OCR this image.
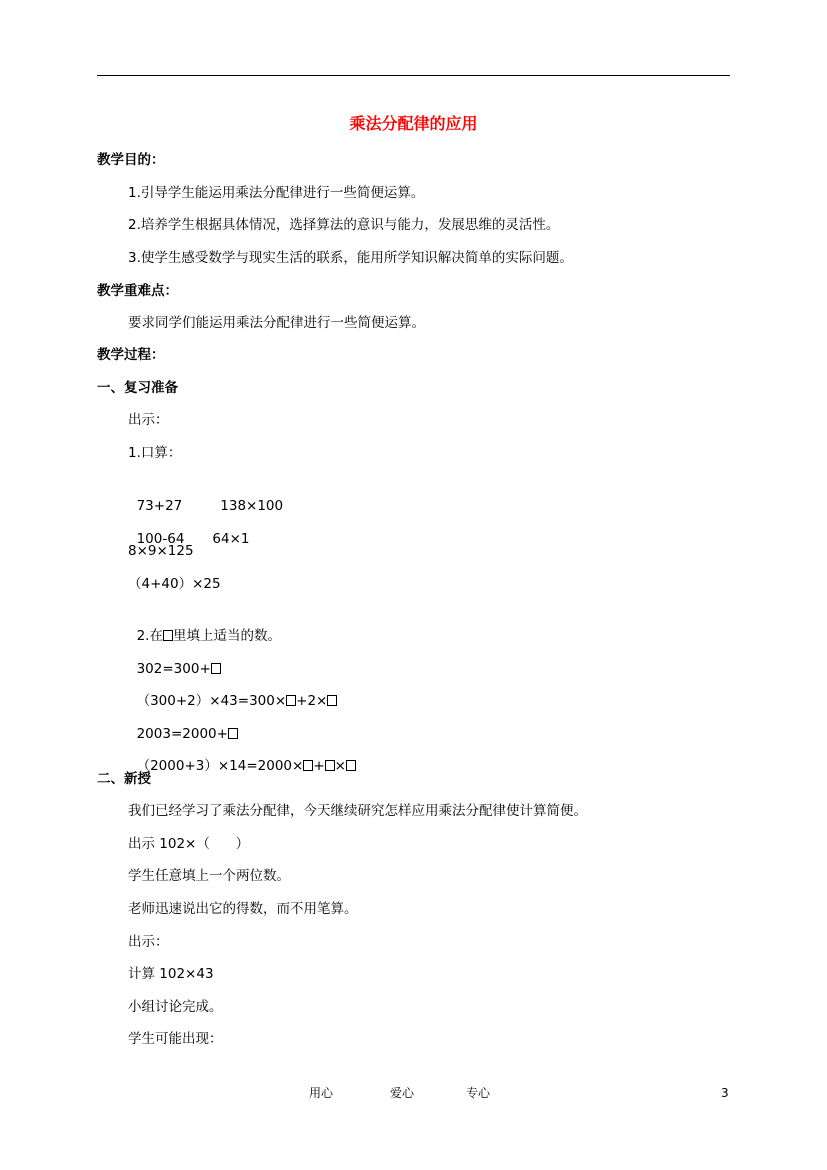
乘法分配律的应用
教学目的：
1.引导学生能运用乘法分配律进行一些简便运算。
2.培养学生根据具体情况，选择算法的意识与能力，发展思维的灵活性。
3.使学生感受数学与现实生活的联系，能用所学知识解决简单的实际问题。
教学重难点：
要求同学们能运用乘法分配律进行一些简便运算。
教学过程：
一、复习准备
出示：
1.口算：

73+27	138×100

100-64 64×1

8×9×125
（4+40）×25

2.在 里填上适当的数。

302=300+

（300+2）×43=300× +2×

2003=2000+

（2000+3）×14=2000× + ×

二、新授
我们已经学习了乘法分配律，今天继续研究怎样应用乘法分配律使计算简便。
出示 102×（      ）
学生任意填上一个两位数。
老师迅速说出它的得数，而不用笔算。
出示：
计算 102×43
小组讨论完成。
学生可能出现：
用心	爱心	专心	3
